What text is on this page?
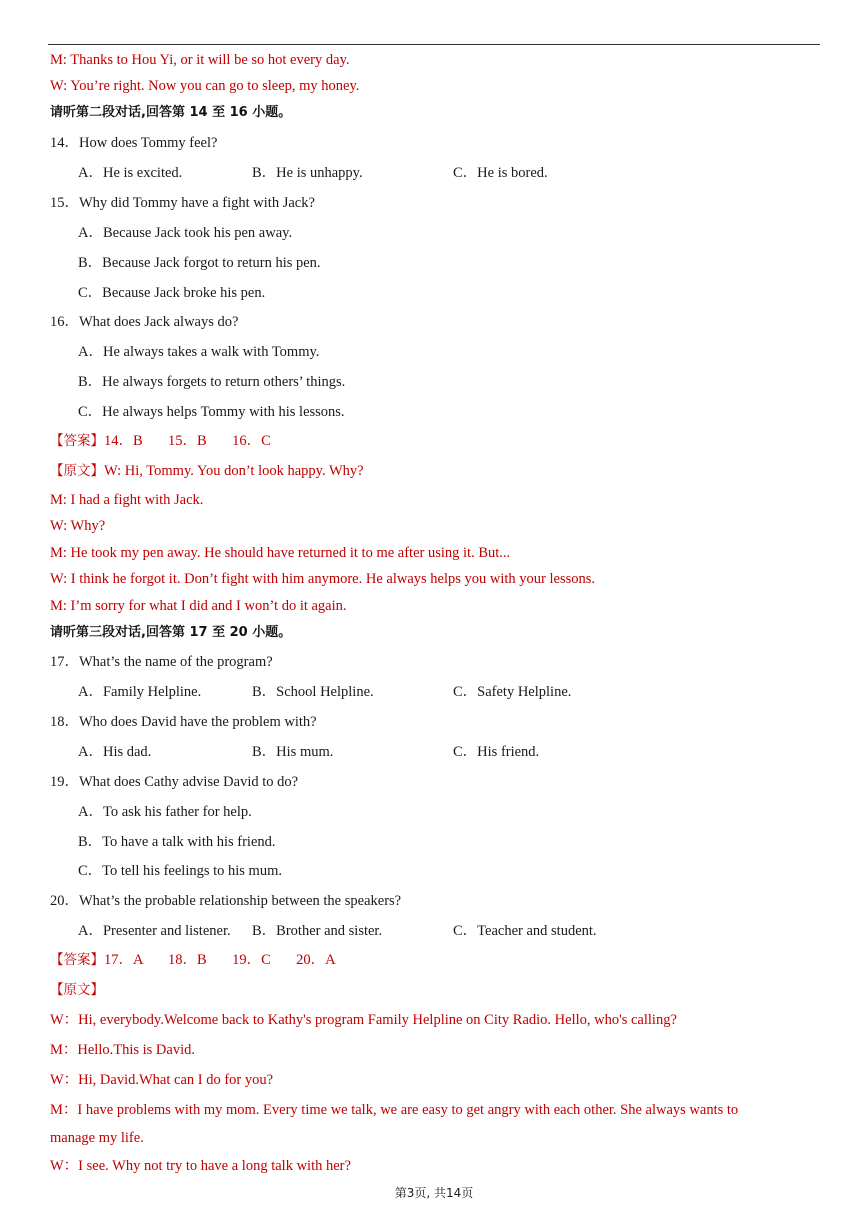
M: Thanks to Hou Yi, or it will be so hot every day.
W: You’re right. Now you can go to sleep, my honey.
请听第二段对话,回答第 14 至 16 小题。
14．How does Tommy feel?
A．He is excited.	B．He is unhappy.	C．He is bored.
15．Why did Tommy have a fight with Jack?
A．Because Jack took his pen away.
B．Because Jack forgot to return his pen.
C．Because Jack broke his pen.
16．What does Jack always do?
A．He always takes a walk with Tommy.
B．He always forgets to return others’ things.
C．He always helps Tommy with his lessons.
【答案】14．B       15．B       16．C
【原文】W: Hi, Tommy. You don’t look happy. Why?
M: I had a fight with Jack.
W: Why?
M: He took my pen away. He should have returned it to me after using it. But...
W: I think he forgot it. Don’t fight with him anymore. He always helps you with your lessons.
M: I’m sorry for what I did and I won’t do it again.
请听第三段对话,回答第 17 至 20 小题。
17．What’s the name of the program?
A．Family Helpline.	B．School Helpline.	C．Safety Helpline.
18．Who does David have the problem with?
A．His dad.	B．His mum.	C．His friend.
19．What does Cathy advise David to do?
A．To ask his father for help.
B．To have a talk with his friend.
C．To tell his feelings to his mum.
20．What’s the probable relationship between the speakers?
A．Presenter and listener. B．Brother and sister.	C．Teacher and student.
【答案】17．A       18．B       19．C       20．A
【原文】
W：Hi, everybody.Welcome back to Kathy's program Family Helpline on City Radio. Hello, who's calling?
M：Hello.This is David.
W：Hi, David.What can I do for you?
M：I have problems with my mom. Every time we talk, we are easy to get angry with each other. She always wants to
manage my life.
W：I see. Why not try to have a long talk with her?
第3页, 共14页
